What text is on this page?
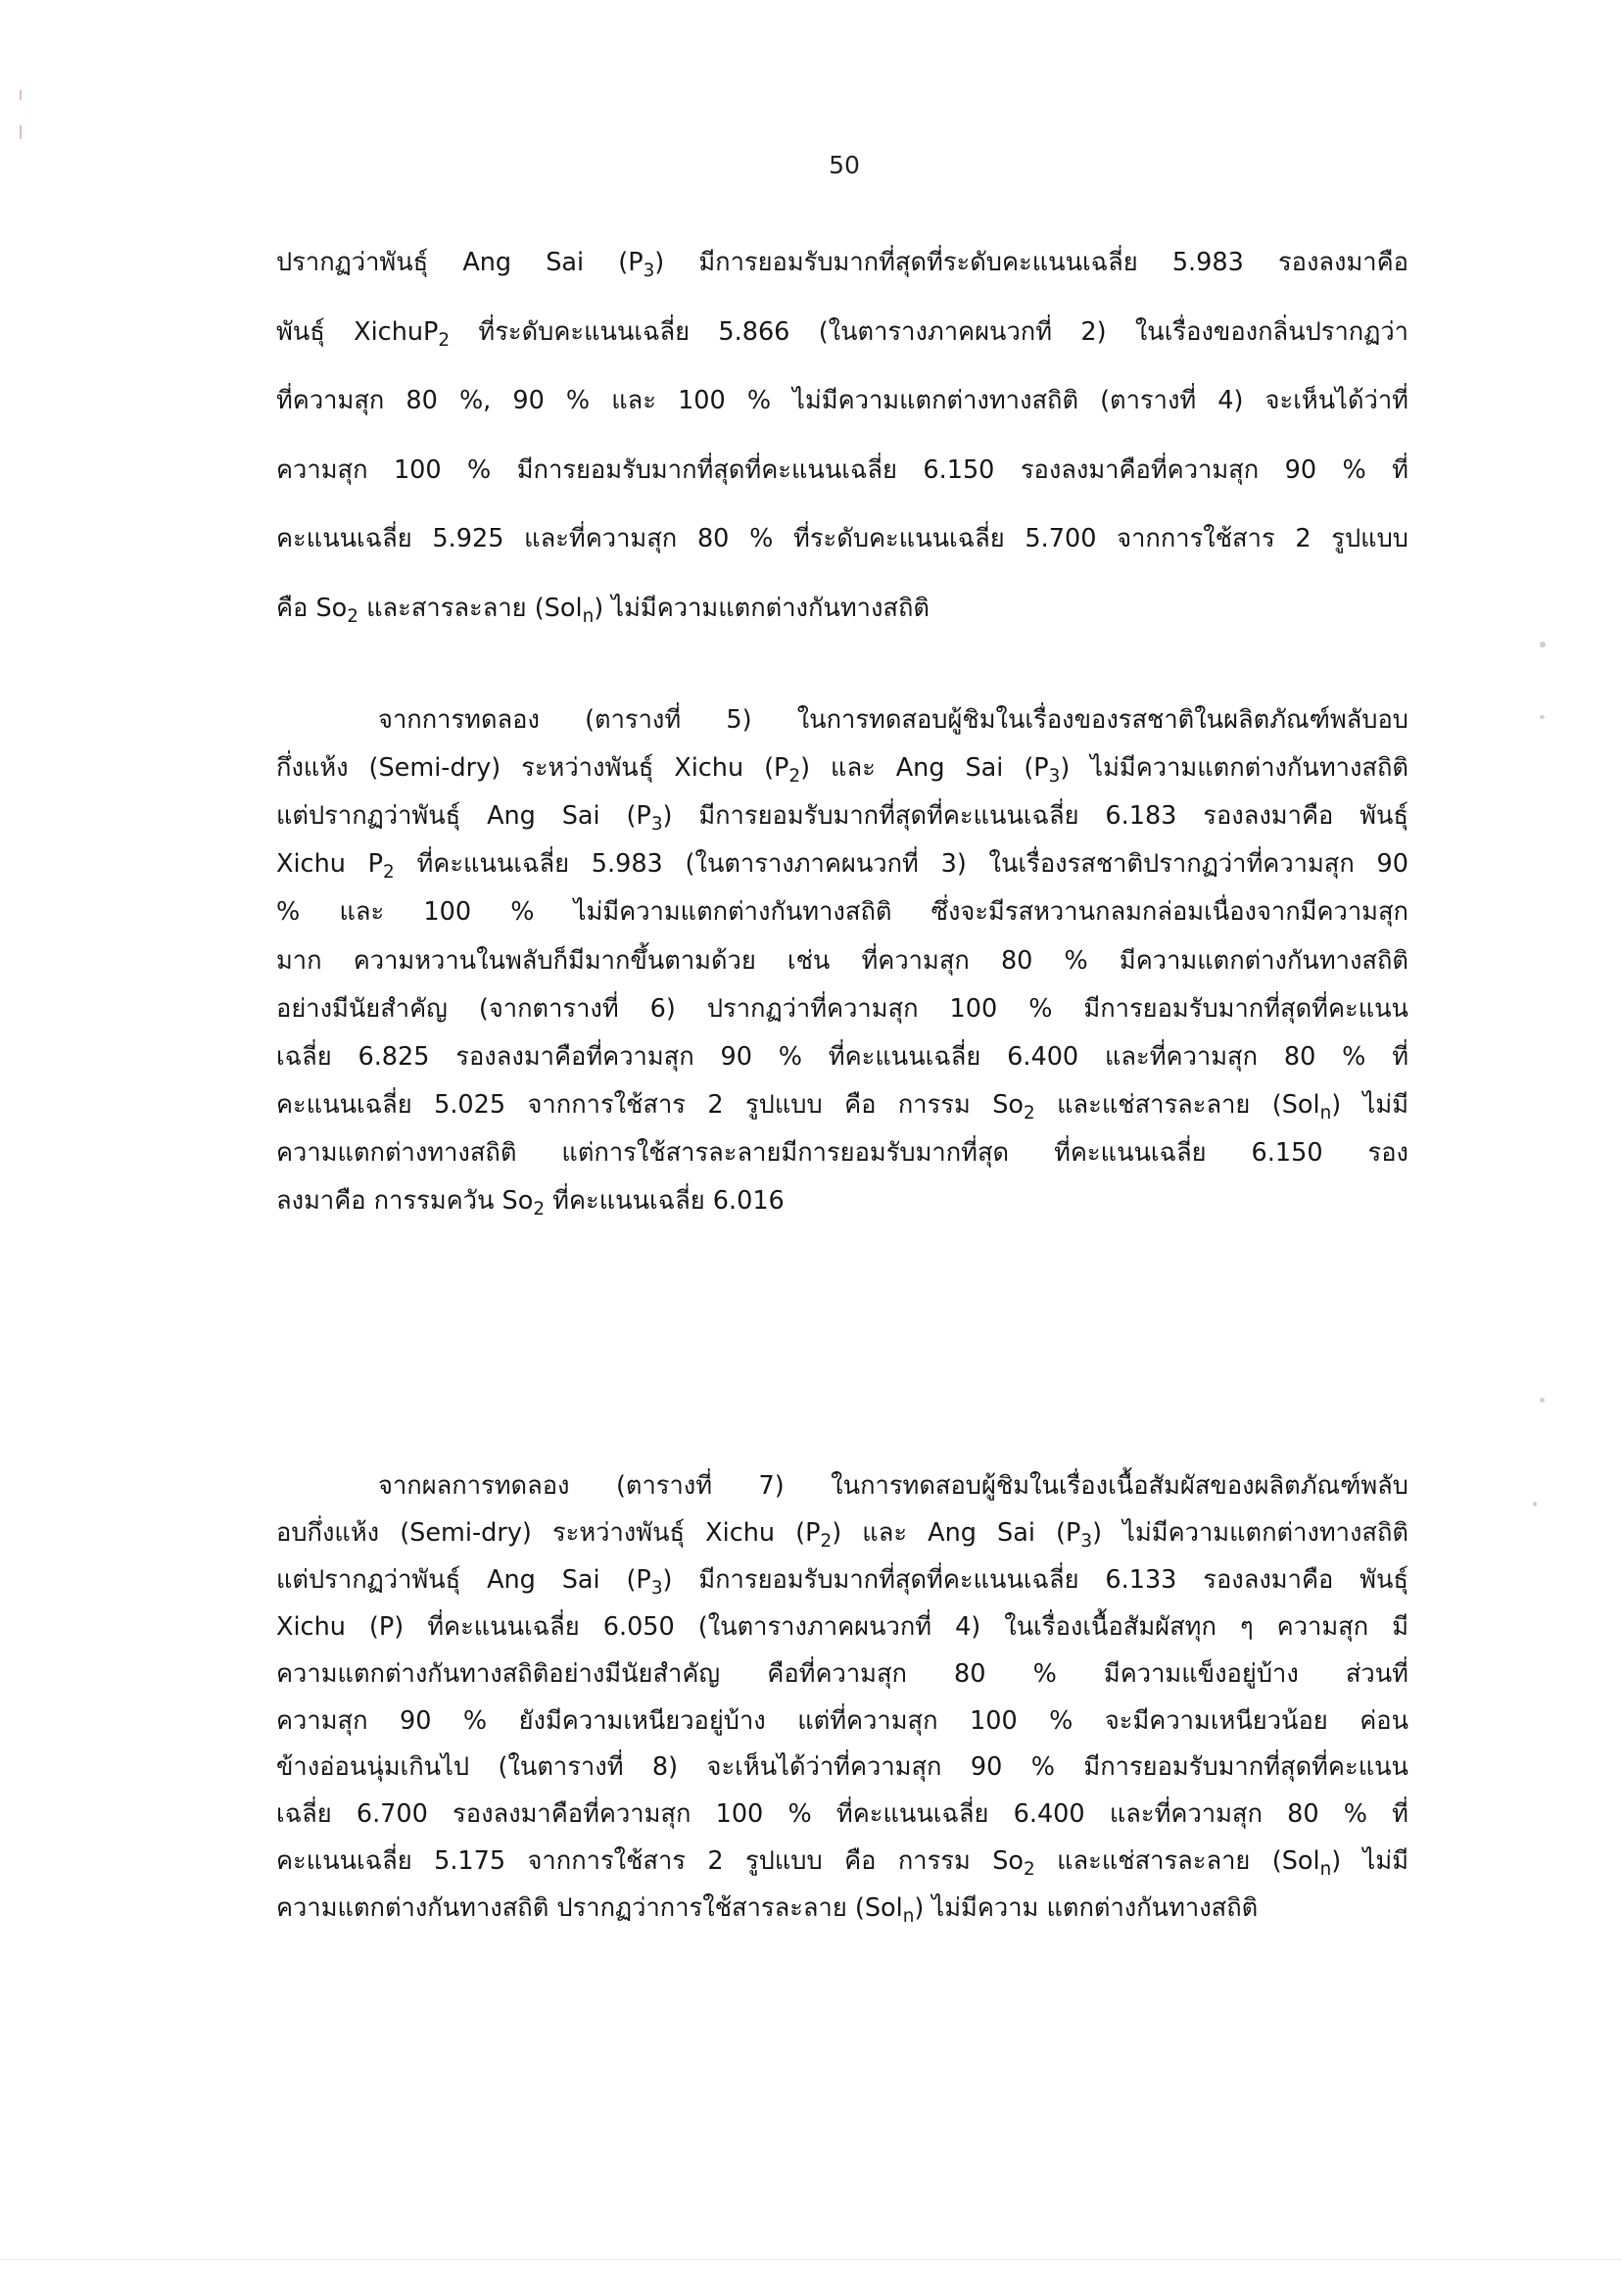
50
ปรากฏว่าพันธุ์ Ang Sai $(P_3)$ มีการยอมรับมากที่สุดที่ระดับคะแนนเฉลี่ย 5.983 รองลงมาคือ
พันธุ์ XichuP$_2$ ที่ระดับคะแนนเฉลี่ย 5.866 (ในตารางภาคผนวกที่ 2) ในเรื่องของกลิ่นปรากฏว่า
ที่ความสุก 80 %, 90 % และ 100 % ไม่มีความแตกต่างทางสถิติ (ตารางที่ 4) จะเห็นได้ว่าที่
ความสุก 100 % มีการยอมรับมากที่สุดที่คะแนนเฉลี่ย 6.150 รองลงมาคือที่ความสุก 90 % ที่
คะแนนเฉลี่ย 5.925 และที่ความสุก 80 % ที่ระดับคะแนนเฉลี่ย 5.700 จากการใช้สาร 2 รูปแบบ
คือ $So_2$ และสารละลาย (Sol$_n$) ไม่มีความแตกต่างกันทางสถิติ
จากการทดลอง (ตารางที่ 5) ในการทดสอบผู้ชิมในเรื่องของรสชาติในผลิตภัณฑ์พลับอบ
กึ่งแห้ง (Semi-dry) ระหว่างพันธุ์ Xichu $(P_2)$ และ Ang Sai $(P_3)$ ไม่มีความแตกต่างกันทางสถิติ
แต่ปรากฏว่าพันธุ์ Ang Sai $(P_3)$ มีการยอมรับมากที่สุดที่คะแนนเฉลี่ย 6.183 รองลงมาคือ พันธุ์
Xichu $P_2$ ที่คะแนนเฉลี่ย 5.983 (ในตารางภาคผนวกที่ 3) ในเรื่องรสชาติปรากฏว่าที่ความสุก 90
% และ 100 % ไม่มีความแตกต่างกันทางสถิติ ซึ่งจะมีรสหวานกลมกล่อมเนื่องจากมีความสุก
มาก ความหวานในพลับก็มีมากขึ้นตามด้วย เช่น ที่ความสุก 80 % มีความแตกต่างกันทางสถิติ
อย่างมีนัยสำคัญ (จากตารางที่ 6) ปรากฏว่าที่ความสุก 100 % มีการยอมรับมากที่สุดที่คะแนน
เฉลี่ย 6.825 รองลงมาคือที่ความสุก 90 % ที่คะแนนเฉลี่ย 6.400 และที่ความสุก 80 % ที่
คะแนนเฉลี่ย 5.025 จากการใช้สาร 2 รูปแบบ คือ การรม $So_2$ และแช่สารละลาย (Sol$_n$) ไม่มี
ความแตกต่างทางสถิติ แต่การใช้สารละลายมีการยอมรับมากที่สุด ที่คะแนนเฉลี่ย 6.150 รอง
ลงมาคือ การรมควัน $So_2$ ที่คะแนนเฉลี่ย 6.016
จากผลการทดลอง (ตารางที่ 7) ในการทดสอบผู้ชิมในเรื่องเนื้อสัมผัสของผลิตภัณฑ์พลับ
อบกึ่งแห้ง (Semi-dry) ระหว่างพันธุ์ Xichu $(P_2)$ และ Ang Sai $(P_3)$ ไม่มีความแตกต่างทางสถิติ
แต่ปรากฏว่าพันธุ์ Ang Sai $(P_3)$ มีการยอมรับมากที่สุดที่คะแนนเฉลี่ย 6.133 รองลงมาคือ พันธุ์
Xichu (P) ที่คะแนนเฉลี่ย 6.050 (ในตารางภาคผนวกที่ 4) ในเรื่องเนื้อสัมผัสทุก ๆ ความสุก มี
ความแตกต่างกันทางสถิติอย่างมีนัยสำคัญ คือที่ความสุก 80 % มีความแข็งอยู่บ้าง ส่วนที่
ความสุก 90 % ยังมีความเหนียวอยู่บ้าง แต่ที่ความสุก 100 % จะมีความเหนียวน้อย ค่อน
ข้างอ่อนนุ่มเกินไป (ในตารางที่ 8) จะเห็นได้ว่าที่ความสุก 90 % มีการยอมรับมากที่สุดที่คะแนน
เฉลี่ย 6.700 รองลงมาคือที่ความสุก 100 % ที่คะแนนเฉลี่ย 6.400 และที่ความสุก 80 % ที่
คะแนนเฉลี่ย 5.175 จากการใช้สาร 2 รูปแบบ คือ การรม $So_2$ และแช่สารละลาย (Sol$_n$) ไม่มี
ความแตกต่างกันทางสถิติ ปรากฏว่าการใช้สารละลาย (Sol$_n$) ไม่มีความ แตกต่างกันทางสถิติ
